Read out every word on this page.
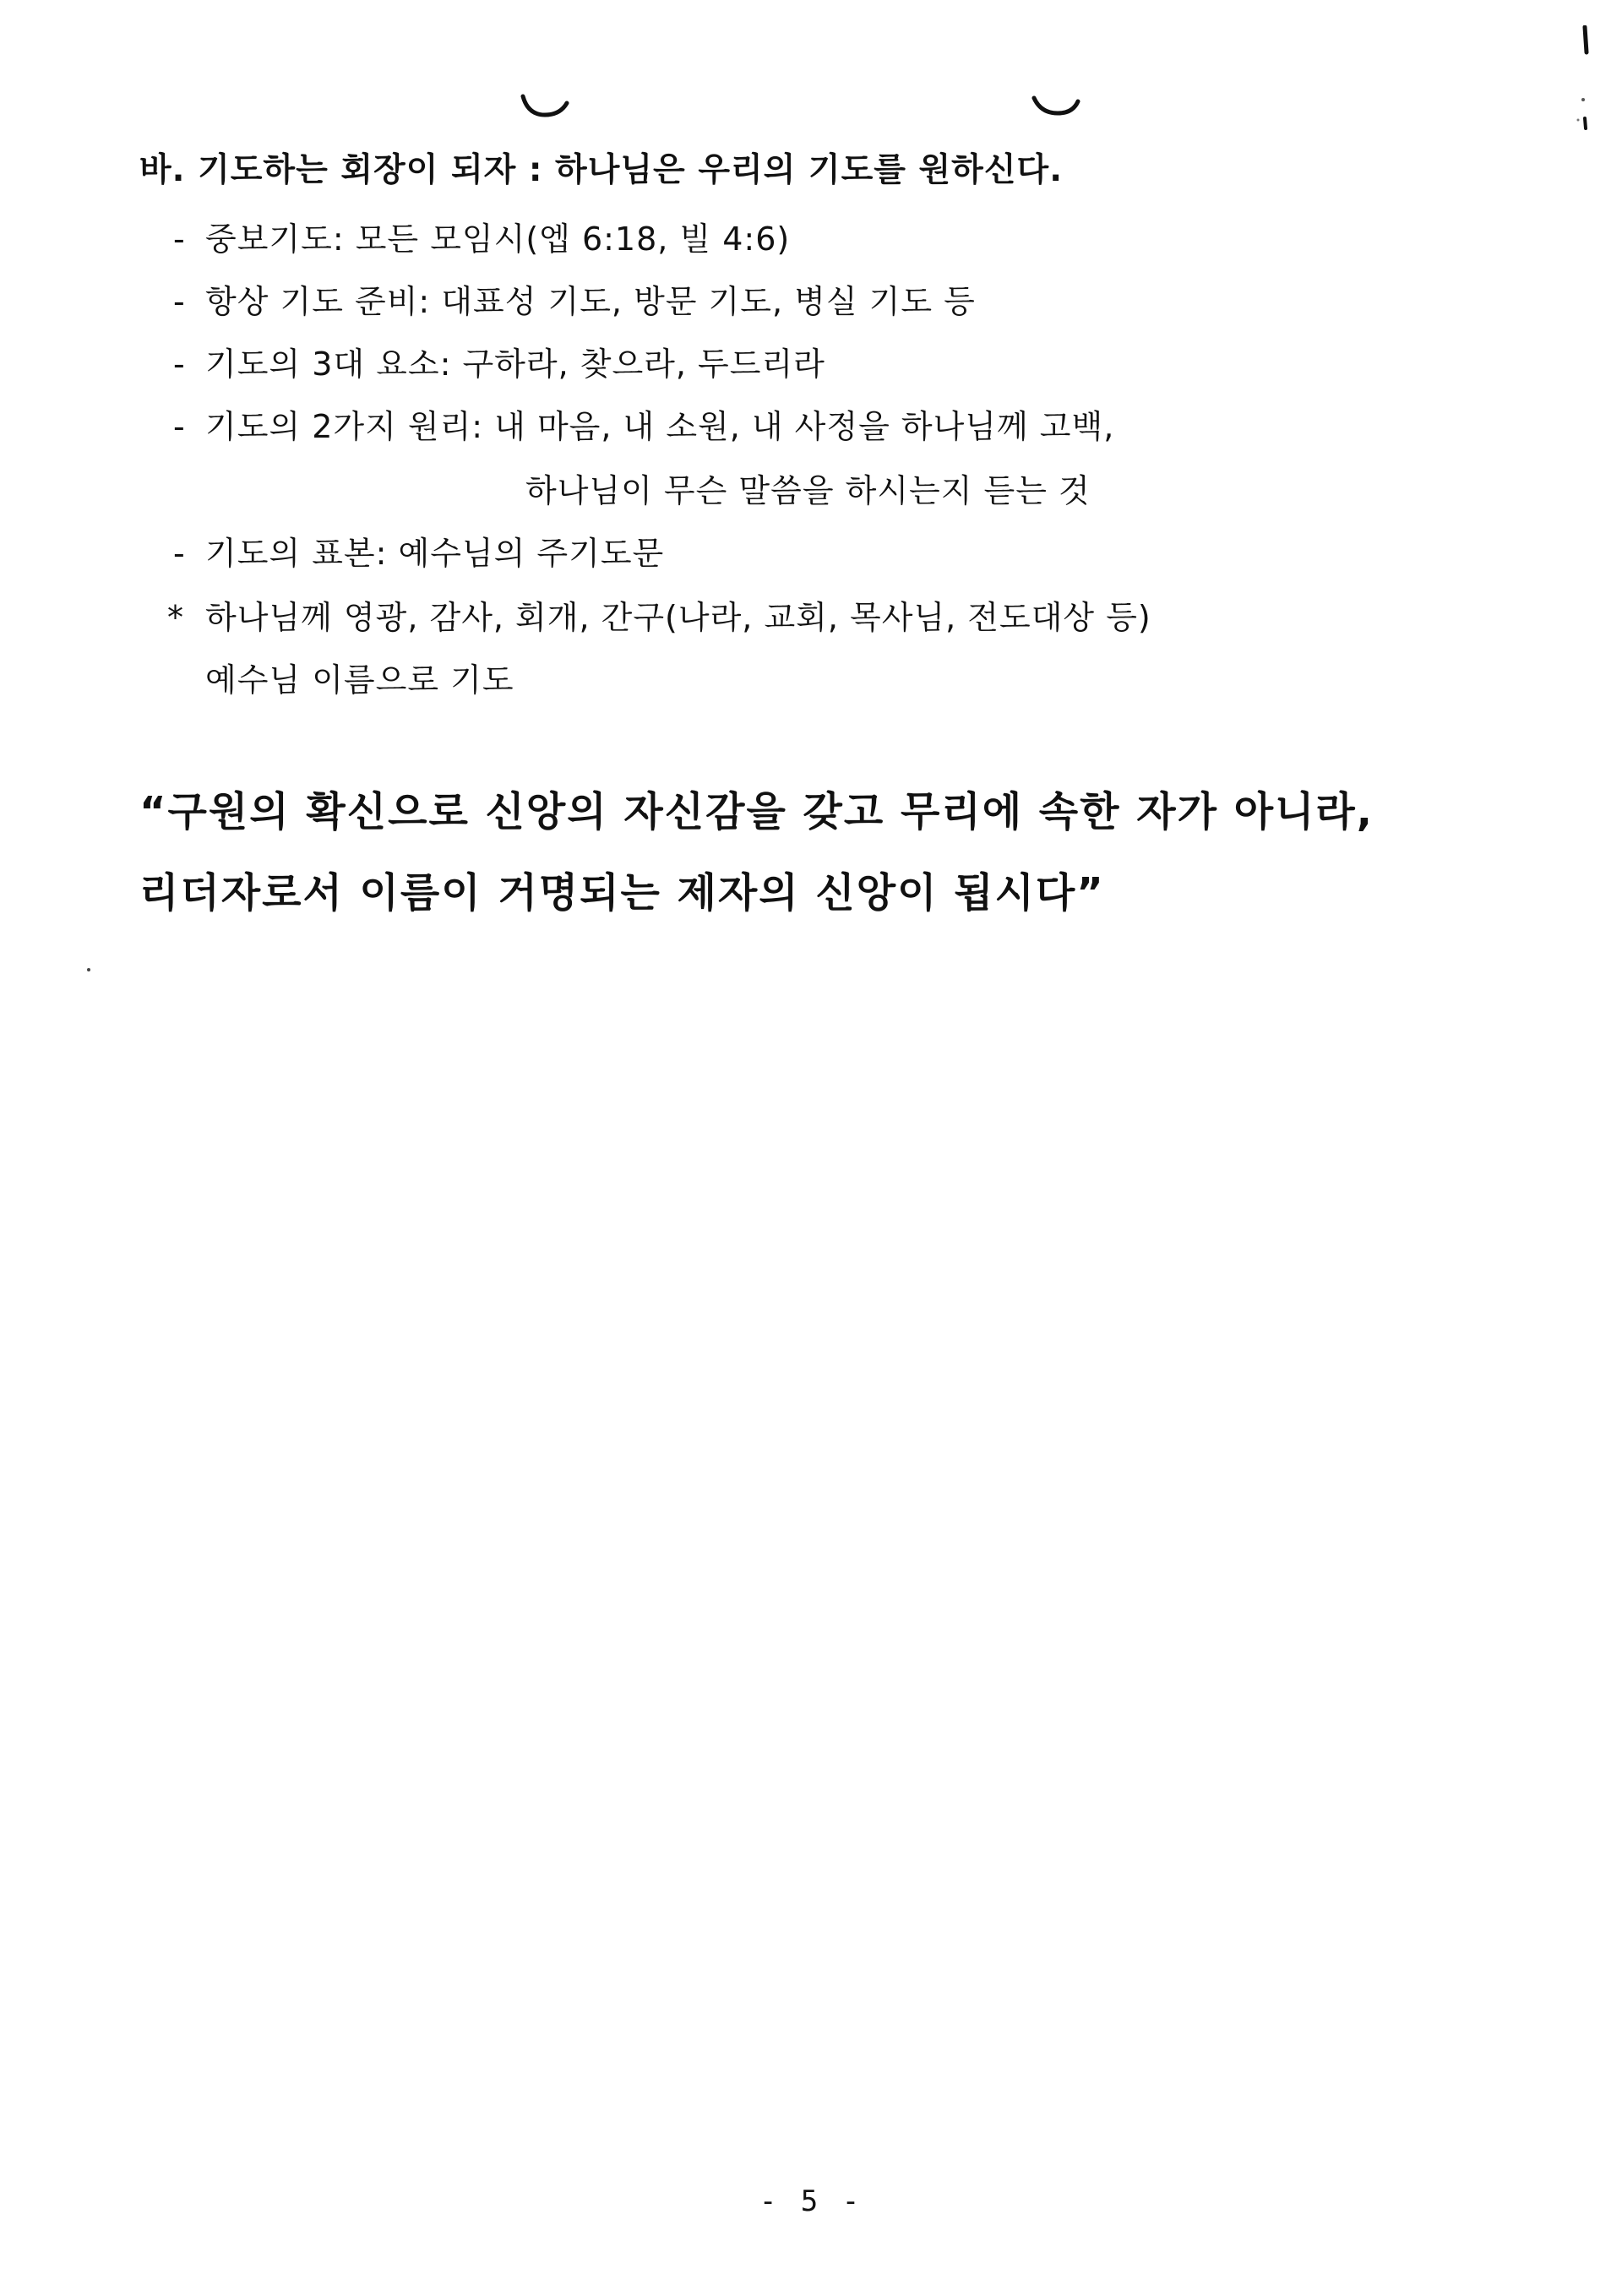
바. 기도하는 회장이 되자 : 하나님은 우리의 기도를 원하신다.
- 중보기도: 모든 모임시(엡 6:18, 빌 4:6)
- 항상 기도 준비: 대표성 기도, 방문 기도, 병실 기도 등
- 기도의 3대 요소: 구하라, 찾으라, 두드리라
- 기도의 2가지 원리: 내 마음, 내 소원, 내 사정을 하나님께 고백,
하나님이 무슨 말씀을 하시는지 듣는 것
- 기도의 표본: 예수님의 주기도문
* 하나님께 영광, 감사, 회개, 간구(나라, 교회, 목사님, 전도대상 등)
예수님 이름으로 기도
“구원의 확신으로 신앙의 자신감을 갖고 무리에 속한 자가 아니라,
리더자로서 이름이 거명되는 제자의 신앙이 됩시다”
- 5 -
